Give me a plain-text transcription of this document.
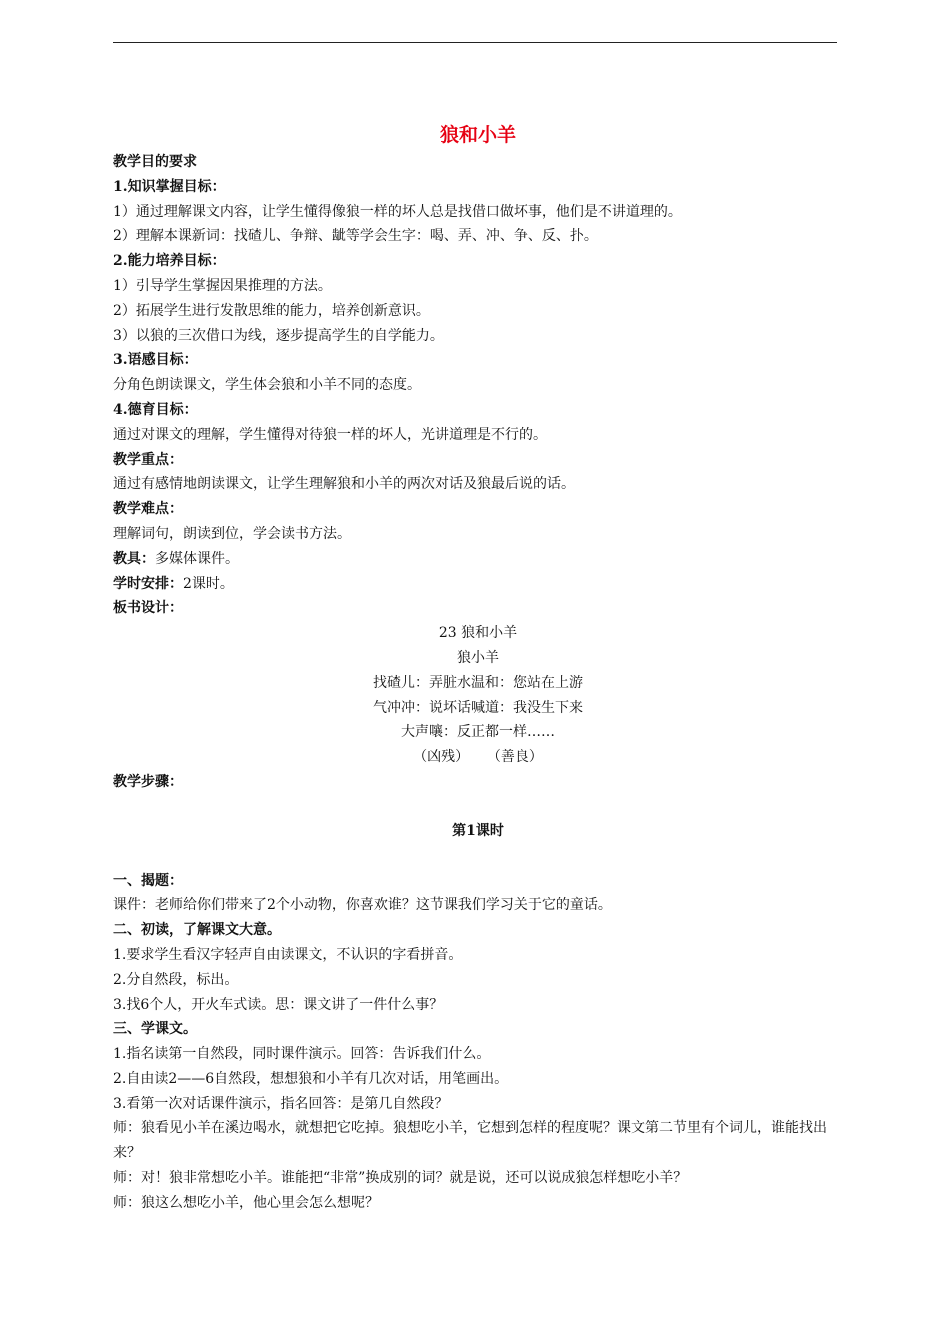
狼和小羊
教学目的要求
1.知识掌握目标：
1）通过理解课文内容，让学生懂得像狼一样的坏人总是找借口做坏事，他们是不讲道理的。
2）理解本课新词：找碴儿、争辩、龇等学会生字：喝、弄、冲、争、反、扑。
2.能力培养目标：
1）引导学生掌握因果推理的方法。
2）拓展学生进行发散思维的能力，培养创新意识。
3）以狼的三次借口为线，逐步提高学生的自学能力。
3.语感目标：
分角色朗读课文，学生体会狼和小羊不同的态度。
4.德育目标：
通过对课文的理解，学生懂得对待狼一样的坏人，光讲道理是不行的。
教学重点：
通过有感情地朗读课文，让学生理解狼和小羊的两次对话及狼最后说的话。
教学难点：
理解词句，朗读到位，学会读书方法。
教具：多媒体课件。
学时安排：2课时。
板书设计：
23 狼和小羊
狼小羊
找碴儿：弄脏水温和：您站在上游
气冲冲：说坏话喊道：我没生下来
大声嚷：反正都一样……
（凶残）    （善良）
教学步骤：
第1课时
一、揭题：
课件：老师给你们带来了2个小动物，你喜欢谁？这节课我们学习关于它的童话。
二、初读，了解课文大意。
1.要求学生看汉字轻声自由读课文，不认识的字看拼音。
2.分自然段，标出。
3.找6个人，开火车式读。思：课文讲了一件什么事？
三、学课文。
1.指名读第一自然段，同时课件演示。回答：告诉我们什么。
2.自由读2——6自然段，想想狼和小羊有几次对话，用笔画出。
3.看第一次对话课件演示，指名回答：是第几自然段？
师：狼看见小羊在溪边喝水，就想把它吃掉。狼想吃小羊，它想到怎样的程度呢？课文第二节里有个词儿，谁能找出来？
师：对！狼非常想吃小羊。谁能把“非常”换成别的词？就是说，还可以说成狼怎样想吃小羊？
师：狼这么想吃小羊，他心里会怎么想呢？
